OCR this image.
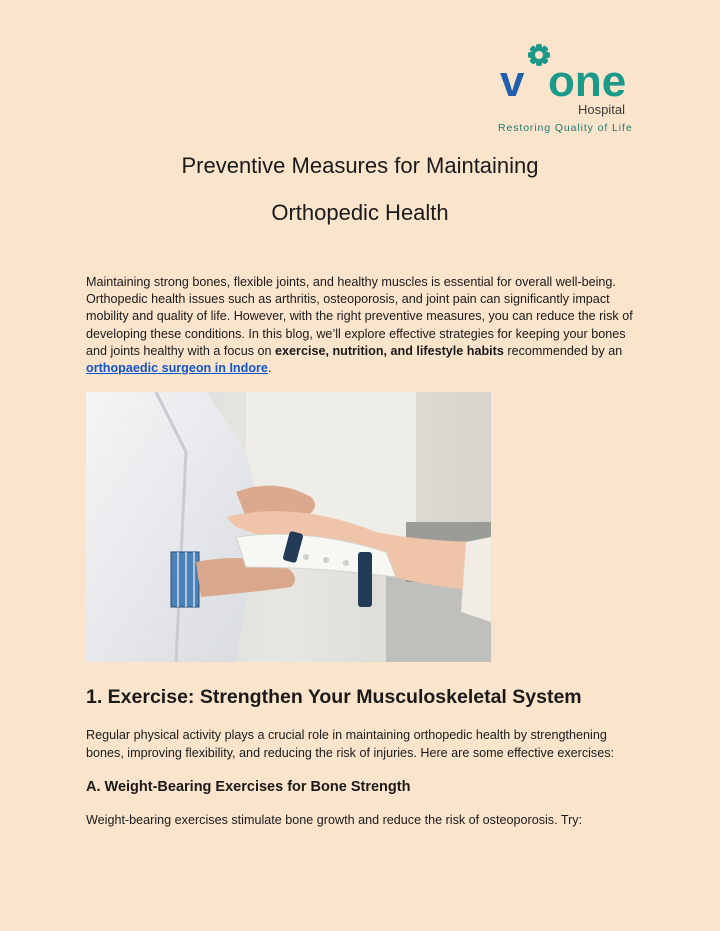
v one
Hospital
Restoring Quality of Life
Preventive Measures for Maintaining
Orthopedic Health

Maintaining strong bones, flexible joints, and healthy muscles is essential for overall well-being. Orthopedic health issues such as arthritis, osteoporosis, and joint pain can significantly impact mobility and quality of life. However, with the right preventive measures, you can reduce the risk of developing these conditions. In this blog, we’ll explore effective strategies for keeping your bones and joints healthy with a focus on exercise, nutrition, and lifestyle habits recommended by an orthopaedic surgeon in Indore.

1. Exercise: Strengthen Your Musculoskeletal System

Regular physical activity plays a crucial role in maintaining orthopedic health by strengthening bones, improving flexibility, and reducing the risk of injuries. Here are some effective exercises:

A. Weight-Bearing Exercises for Bone Strength

Weight-bearing exercises stimulate bone growth and reduce the risk of osteoporosis. Try:
